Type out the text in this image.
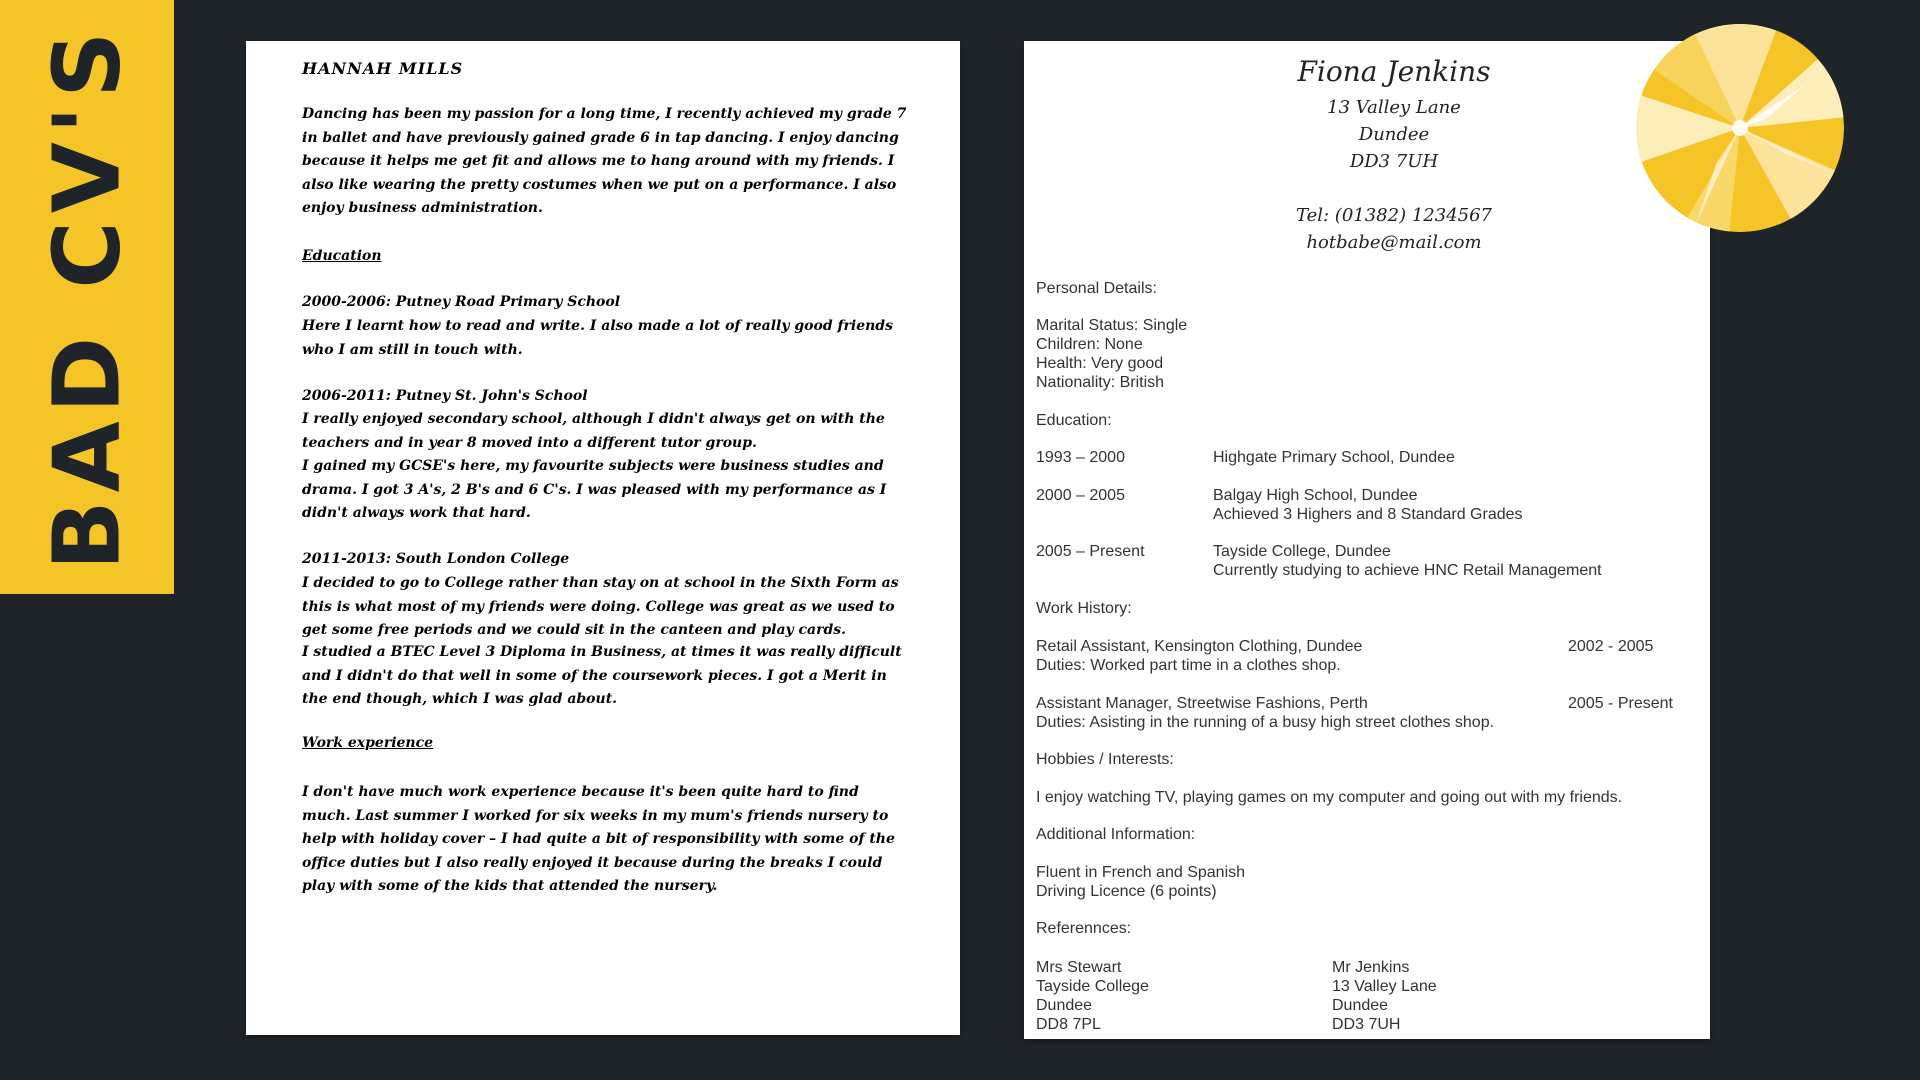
BAD CV'S	HANNAH MILLS
Dancing has been my passion for a long time, I recently achieved my grade 7 in ballet and have previously gained grade 6 in tap dancing. I enjoy dancing because it helps me get fit and allows me to hang around with my friends. I also like wearing the pretty costumes when we put on a performance. I also enjoy business administration.
Education
2000-2006: Putney Road Primary School
Here I learnt how to read and write. I also made a lot of really good friends who I am still in touch with.
2006-2011: Putney St. John's School
I really enjoyed secondary school, although I didn't always get on with the teachers and in year 8 moved into a different tutor group.
I gained my GCSE's here, my favourite subjects were business studies and drama. I got 3 A's, 2 B's and 6 C's. I was pleased with my performance as I didn't always work that hard.
2011-2013: South London College
I decided to go to College rather than stay on at school in the Sixth Form as this is what most of my friends were doing. College was great as we used to get some free periods and we could sit in the canteen and play cards.
I studied a BTEC Level 3 Diploma in Business, at times it was really difficult and I didn't do that well in some of the coursework pieces. I got a Merit in the end though, which I was glad about.
Work experience
I don't have much work experience because it's been quite hard to find much. Last summer I worked for six weeks in my mum's friends nursery to help with holiday cover – I had quite a bit of responsibility with some of the office duties but I also really enjoyed it because during the breaks I could play with some of the kids that attended the nursery.
Fiona Jenkins
13 Valley Lane
Dundee
DD3 7UH
Tel: (01382) 1234567
hotbabe@mail.com
Personal Details:
Marital Status: Single
Children: None
Health: Very good
Nationality: British
Education:
1993 – 2000	Highgate Primary School, Dundee
2000 – 2005	Balgay High School, Dundee
Achieved 3 Highers and 8 Standard Grades
2005 – Present	Tayside College, Dundee
Currently studying to achieve HNC Retail Management
Work History:
Retail Assistant, Kensington Clothing, Dundee	2002 - 2005
Duties: Worked part time in a clothes shop.
Assistant Manager, Streetwise Fashions, Perth	2005 - Present
Duties: Asisting in the running of a busy high street clothes shop.
Hobbies / Interests:
I enjoy watching TV, playing games on my computer and going out with my friends.
Additional Information:
Fluent in French and Spanish
Driving Licence (6 points)
Referennces:
Mrs Stewart
Tayside College
Dundee
DD8 7PL
Mr Jenkins
13 Valley Lane
Dundee
DD3 7UH
